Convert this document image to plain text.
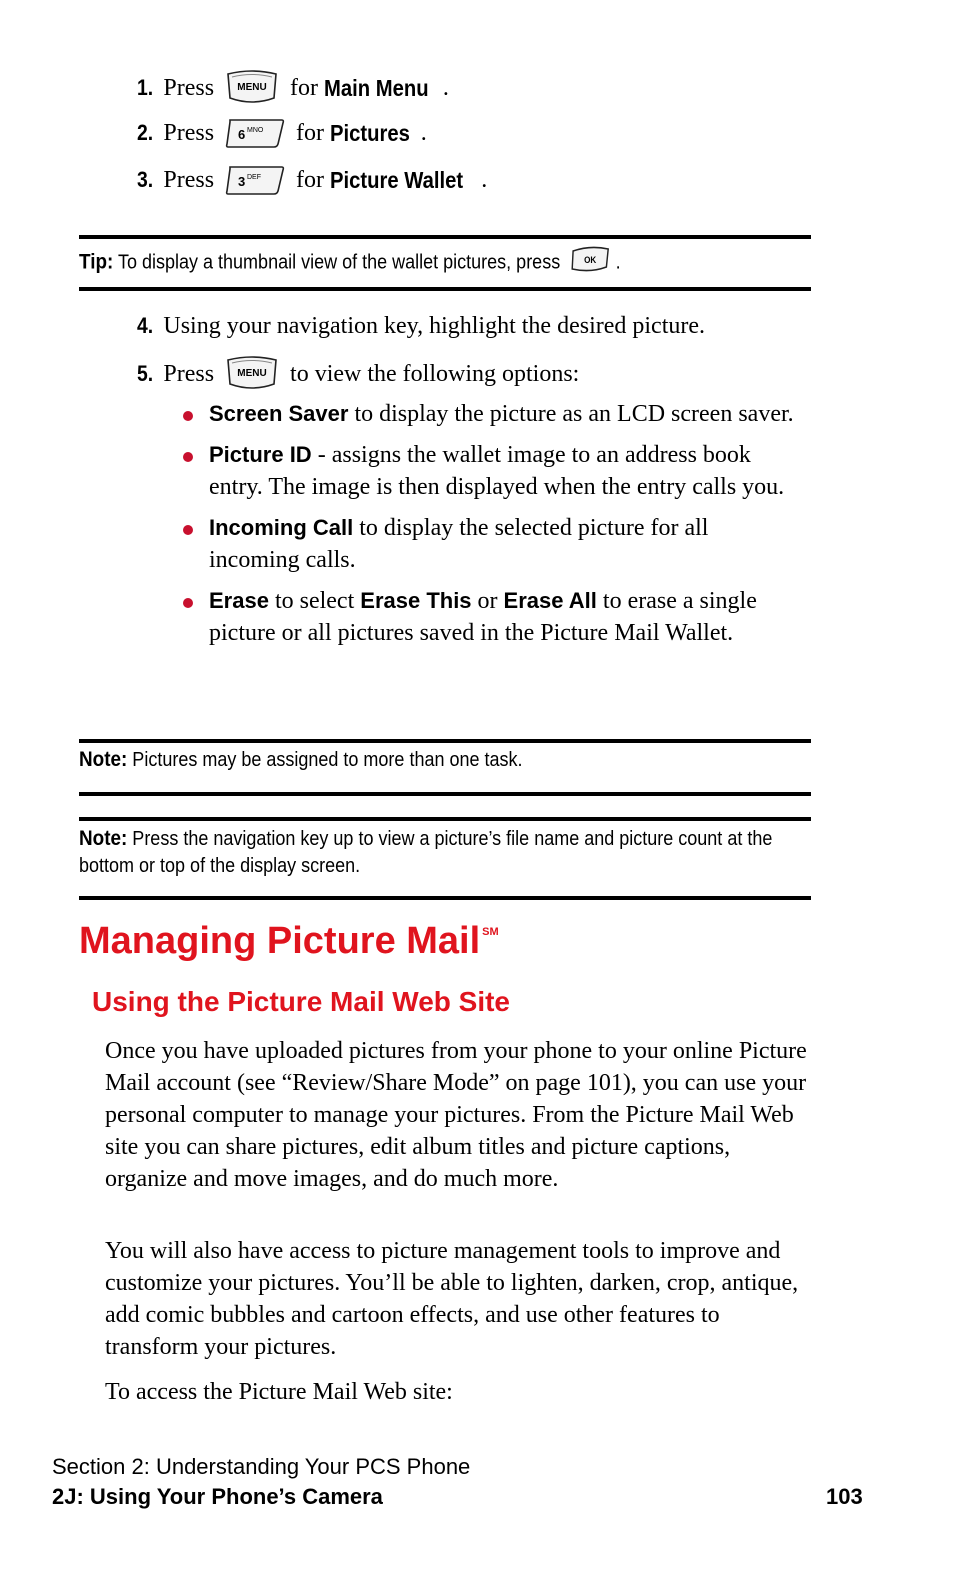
1. Press MENU for
Main Menu .
2. Press 6 MNO for
Pictures .
3. Press 3 DEF for
Picture Wallet .
Tip: To display a thumbnail view of the wallet pictures, press	OK .
4. Using your navigation key, highlight the desired picture.
5. Press MENU to view the following options:
Screen Saver to display the picture as an LCD screen saver.
Picture ID - assigns the wallet image to an address book entry. The image is then displayed when the entry calls you.
Incoming Call to display the selected picture for all incoming calls.
Erase to select Erase This or Erase All to erase a single picture or all pictures saved in the Picture Mail Wallet.
Note: Pictures may be assigned to more than one task.
Note: Press the navigation key up to view a picture’s file name and picture count at the bottom or top of the display screen.
Managing Picture Mail ℠
Using the Picture Mail Web Site
Once you have uploaded pictures from your phone to your online Picture Mail account (see “Review/Share Mode” on page 101), you can use your personal computer to manage your pictures. From the Picture Mail Web site you can share pictures, edit album titles and picture captions, organize and move images, and do much more.
You will also have access to picture management tools to improve and customize your pictures. You’ll be able to lighten, darken, crop, antique, add comic bubbles and cartoon effects, and use other features to transform your pictures.
To access the Picture Mail Web site:
Section 2: Understanding Your PCS Phone
2J: Using Your Phone’s Camera	103
